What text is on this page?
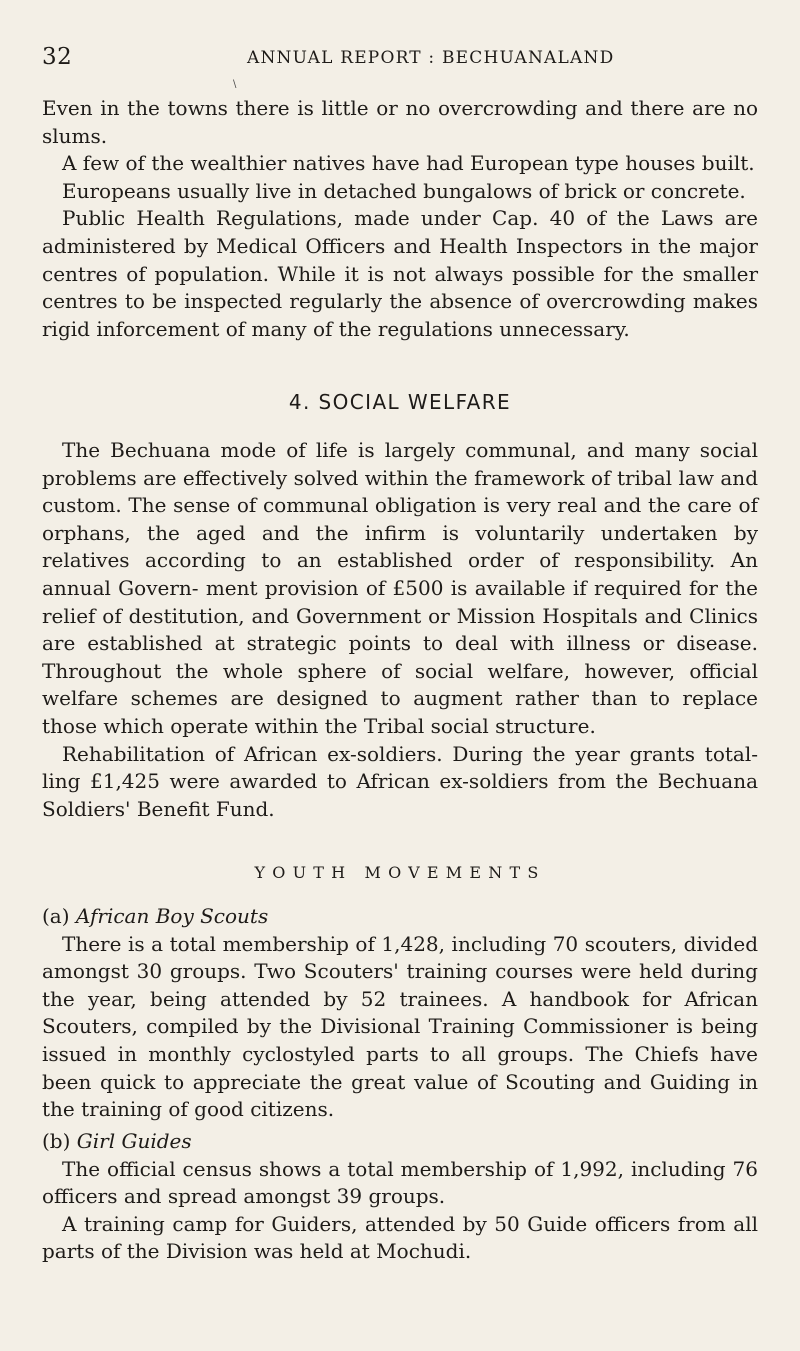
32	ANNUAL REPORT : BECHUANALAND
\

Even in the towns there is little or no overcrowding and there are no slums.

A few of the wealthier natives have had European type houses built.

Europeans usually live in detached bungalows of brick or concrete.

Public Health Regulations, made under Cap. 40 of the Laws are administered by Medical Officers and Health Inspectors in the major centres of population. While it is not always possible for the smaller centres to be inspected regularly the absence of overcrowding makes rigid inforcement of many of the regulations unnecessary.

4. SOCIAL WELFARE

The Bechuana mode of life is largely communal, and many social problems are effectively solved within the framework of tribal law and custom. The sense of communal obligation is very real and the care of orphans, the aged and the infirm is voluntarily undertaken by relatives according to an established order of responsibility. An annual Govern- ment provision of £500 is available if required for the relief of destitution, and Government or Mission Hospitals and Clinics are established at strategic points to deal with illness or disease. Throughout the whole sphere of social welfare, however, official welfare schemes are designed to augment rather than to replace those which operate within the Tribal social structure.

Rehabilitation of African ex-soldiers. During the year grants total- ling £1,425 were awarded to African ex-soldiers from the Bechuana Soldiers' Benefit Fund.

YOUTH MOVEMENTS
(a) African Boy Scouts

There is a total membership of 1,428, including 70 scouters, divided amongst 30 groups. Two Scouters' training courses were held during the year, being attended by 52 trainees. A handbook for African Scouters, compiled by the Divisional Training Commissioner is being issued in monthly cyclostyled parts to all groups. The Chiefs have been quick to appreciate the great value of Scouting and Guiding in the training of good citizens.

(b) Girl Guides

The official census shows a total membership of 1,992, including 76 officers and spread amongst 39 groups.

A training camp for Guiders, attended by 50 Guide officers from all parts of the Division was held at Mochudi.
